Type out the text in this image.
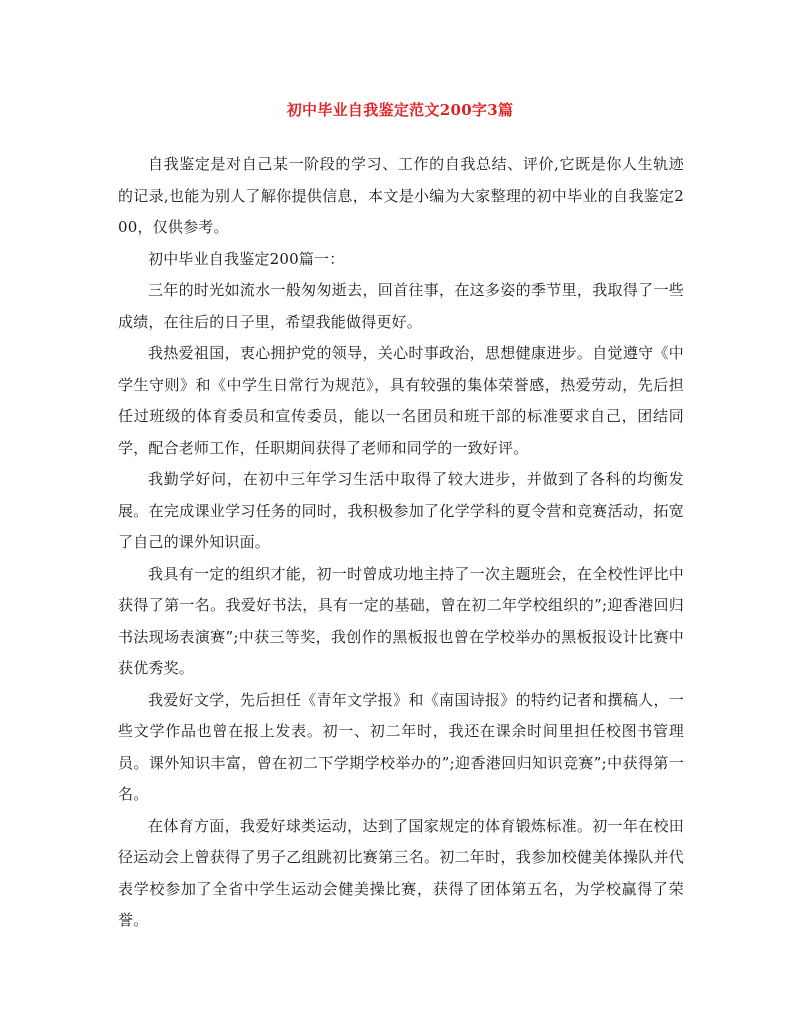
初中毕业自我鉴定范文200字3篇

自我鉴定是对自己某一阶段的学习、工作的自我总结、评价,它既是你人生轨迹的记录,也能为别人了解你提供信息，本文是小编为大家整理的初中毕业的自我鉴定200，仅供参考。

初中毕业自我鉴定200篇一：

三年的时光如流水一般匆匆逝去，回首往事，在这多姿的季节里，我取得了一些成绩，在往后的日子里，希望我能做得更好。

我热爱祖国，衷心拥护党的领导，关心时事政治，思想健康进步。自觉遵守《中学生守则》和《中学生日常行为规范》，具有较强的集体荣誉感，热爱劳动，先后担任过班级的体育委员和宣传委员，能以一名团员和班干部的标准要求自己，团结同学，配合老师工作，任职期间获得了老师和同学的一致好评。

我勤学好问，在初中三年学习生活中取得了较大进步，并做到了各科的均衡发展。在完成课业学习任务的同时，我积极参加了化学学科的夏令营和竞赛活动，拓宽了自己的课外知识面。

我具有一定的组织才能，初一时曾成功地主持了一次主题班会，在全校性评比中获得了第一名。我爱好书法，具有一定的基础，曾在初二年学校组织的”;迎香港回归书法现场表演赛”;中获三等奖，我创作的黑板报也曾在学校举办的黑板报设计比赛中获优秀奖。

我爱好文学，先后担任《青年文学报》和《南国诗报》的特约记者和撰稿人，一些文学作品也曾在报上发表。初一、初二年时，我还在课余时间里担任校图书管理员。课外知识丰富，曾在初二下学期学校举办的”;迎香港回归知识竞赛”;中获得第一名。

在体育方面，我爱好球类运动，达到了国家规定的体育锻炼标准。初一年在校田径运动会上曾获得了男子乙组跳初比赛第三名。初二年时，我参加校健美体操队并代表学校参加了全省中学生运动会健美操比赛，获得了团体第五名，为学校赢得了荣誉。
